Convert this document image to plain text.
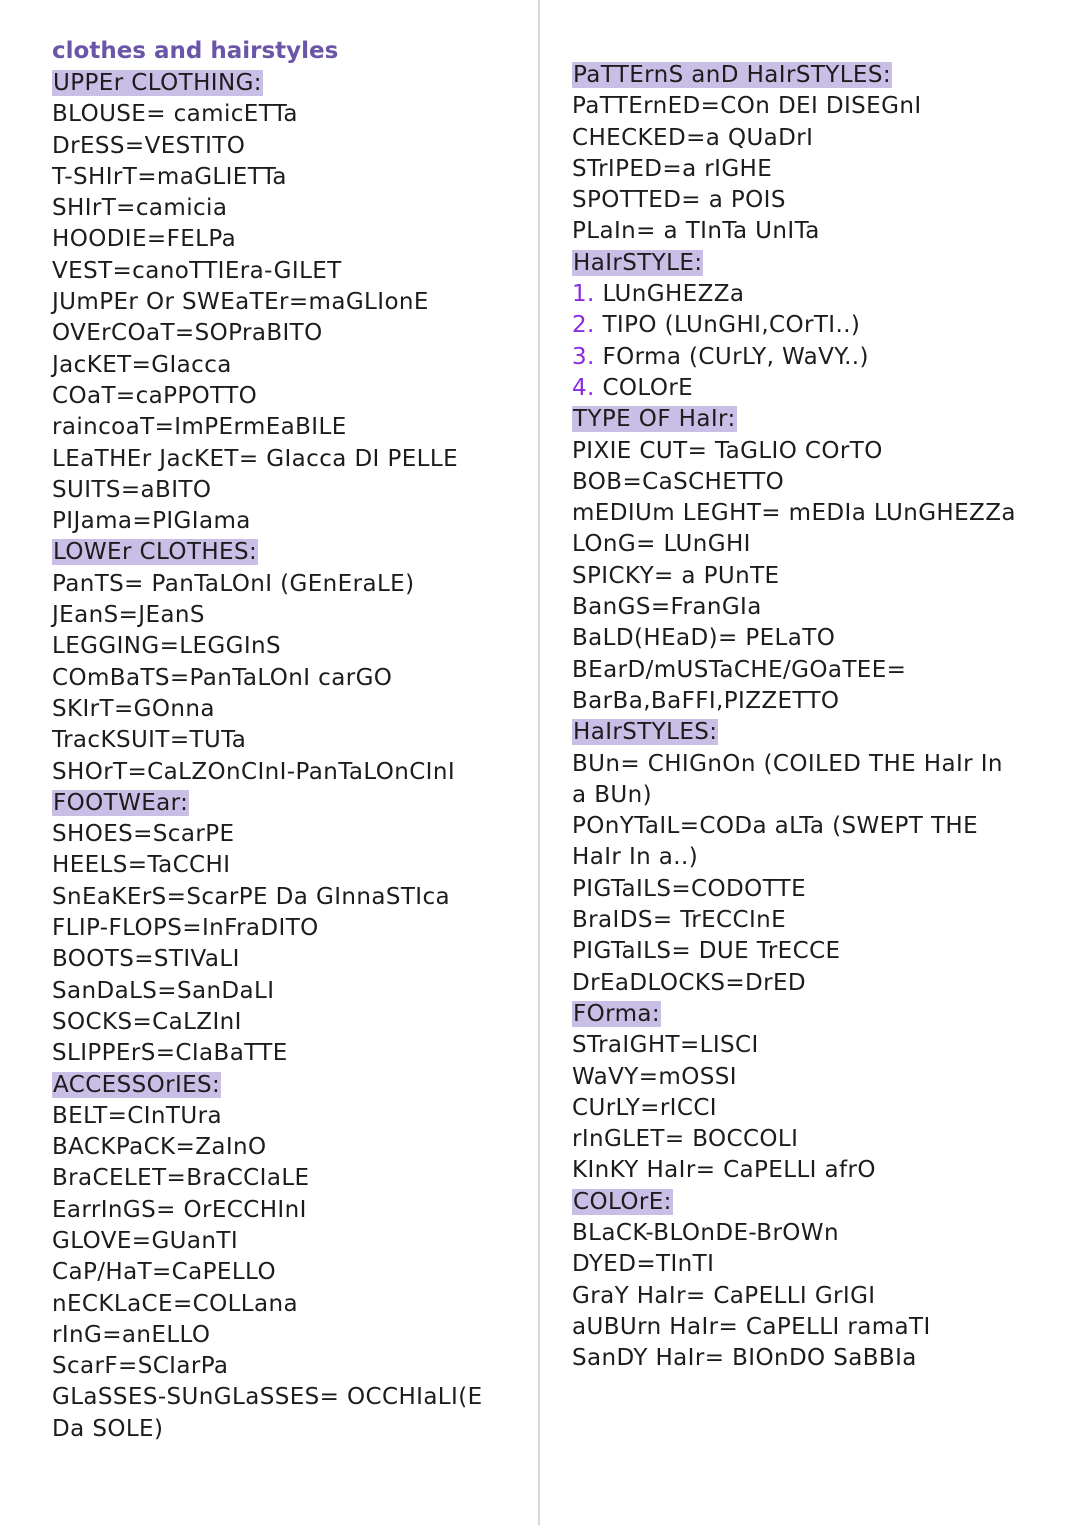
clothes and hairstyles
UPPEr CLOTHING:
BLOUSE= camicETTa
DrESS=VESTITO
T-SHIrT=maGLIETTa
SHIrT=camicia
HOODIE=FELPa
VEST=canoTTIEra-GILET
JUmPEr Or SWEaTEr=maGLIonE
OVErCOaT=SOPraBITO
JacKET=GIacca
COaT=caPPOTTO
raincoaT=ImPErmEaBILE
LEaTHEr JacKET= GIacca DI PELLE
SUITS=aBITO
PIJama=PIGIama
LOWEr CLOTHES:
PanTS= PanTaLOnI (GEnEraLE)
JEanS=JEanS
LEGGING=LEGGInS
COmBaTS=PanTaLOnI carGO
SKIrT=GOnna
TracKSUIT=TUTa
SHOrT=CaLZOnCInI-PanTaLOnCInI
FOOTWEar:
SHOES=ScarPE
HEELS=TaCCHI
SnEaKErS=ScarPE Da GInnaSTIca
FLIP-FLOPS=InFraDITO
BOOTS=STIVaLI
SanDaLS=SanDaLI
SOCKS=CaLZInI
SLIPPErS=CIaBaTTE
ACCESSOrIES:
BELT=CInTUra
BACKPaCK=ZaInO
BraCELET=BraCCIaLE
EarrInGS= OrECCHInI
GLOVE=GUanTI
CaP/HaT=CaPELLO
nECKLaCE=COLLana
rInG=anELLO
ScarF=SCIarPa
GLaSSES-SUnGLaSSES= OCCHIaLI(E
Da SOLE)
PaTTErnS anD HaIrSTYLES:
PaTTErnED=COn DEI DISEGnI
CHECKED=a QUaDrI
STrIPED=a rIGHE
SPOTTED= a POIS
PLaIn= a TInTa UnITa
HaIrSTYLE:
1. LUnGHEZZa
2. TIPO (LUnGHI,COrTI..)
3. FOrma (CUrLY, WaVY..)
4. COLOrE
TYPE OF HaIr:
PIXIE CUT= TaGLIO COrTO
BOB=CaSCHETTO
mEDIUm LEGHT= mEDIa LUnGHEZZa
LOnG= LUnGHI
SPICKY= a PUnTE
BanGS=FranGIa
BaLD(HEaD)= PELaTO
BEarD/mUSTaCHE/GOaTEE=
BarBa,BaFFI,PIZZETTO
HaIrSTYLES:
BUn= CHIGnOn (COILED THE HaIr In
a BUn)
POnYTaIL=CODa aLTa (SWEPT THE
HaIr In a..)
PIGTaILS=CODOTTE
BraIDS= TrECCInE
PIGTaILS= DUE TrECCE
DrEaDLOCKS=DrED
FOrma:
STraIGHT=LISCI
WaVY=mOSSI
CUrLY=rICCI
rInGLET= BOCCOLI
KInKY HaIr= CaPELLI afrO
COLOrE:
BLaCK-BLOnDE-BrOWn
DYED=TInTI
GraY HaIr= CaPELLI GrIGI
aUBUrn HaIr= CaPELLI ramaTI
SanDY HaIr= BIOnDO SaBBIa
